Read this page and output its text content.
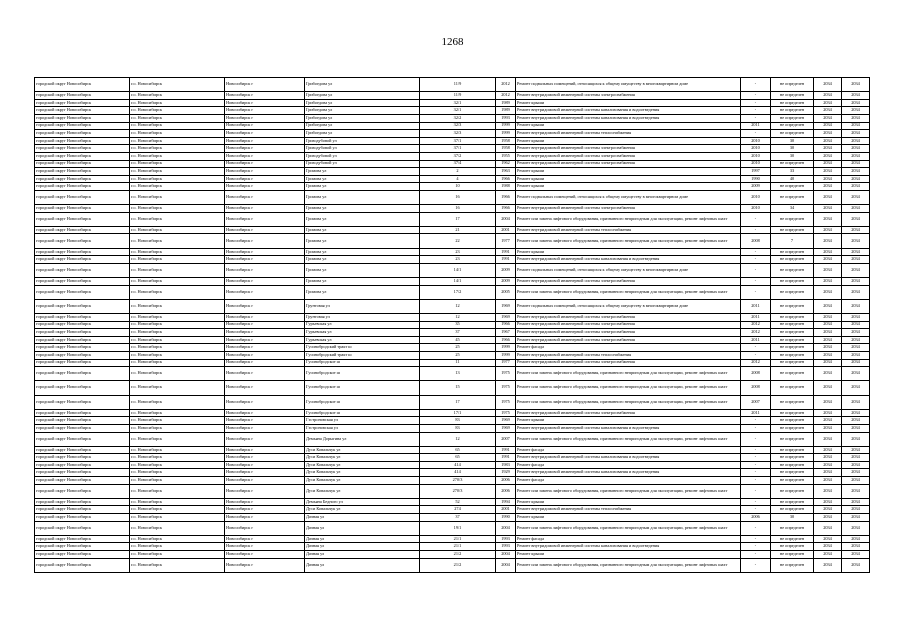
1268
городской округ Новосибирск	г.о. Новосибирск	Новосибирск г	Грибоедова ул	11/9	2012	Ремонт подвальных помещений, относящихся к общему имуществу в многоквартирном доме	-	не определен	2034	2034
городской округ Новосибирск	г.о. Новосибирск	Новосибирск г	Грибоедова ул	11/9	2012	Ремонт внутридомовой инженерной системы электроснабжения	-	не определен	2034	2034
городской округ Новосибирск	г.о. Новосибирск	Новосибирск г	Грибоедова ул	32/1	1989	Ремонт крыши	-	не определен	2034	2034
городской округ Новосибирск	г.о. Новосибирск	Новосибирск г	Грибоедова ул	32/1	1989	Ремонт внутридомовой инженерной системы канализования и водоотведения	-	не определен	2034	2034
городской округ Новосибирск	г.о. Новосибирск	Новосибирск г	Грибоедова ул	32/2	1993	Ремонт внутридомовой инженерной системы канализования и водоотведения	-	не определен	2034	2034
городской округ Новосибирск	г.о. Новосибирск	Новосибирск г	Грибоедова ул	32/3	1999	Ремонт крыши	2011	не определен	2034	2034
городской округ Новосибирск	г.о. Новосибирск	Новосибирск г	Грибоедова ул	32/3	1999	Ремонт внутридомовой инженерной системы теплоснабжения	-	не определен	2034	2034
городской округ Новосибирск	г.о. Новосибирск	Новосибирск г	Гризодубовой ул	37/1	1958	Ремонт крыши	2010	30	2034	2034
городской округ Новосибирск	г.о. Новосибирск	Новосибирск г	Гризодубовой ул	37/1	1958	Ремонт внутридомовой инженерной системы электроснабжения	2010	30	2034	2034
городской округ Новосибирск	г.о. Новосибирск	Новосибирск г	Гризодубовой ул	37/2	1955	Ремонт внутридомовой инженерной системы электроснабжения	2010	30	2034	2034
городской округ Новосибирск	г.о. Новосибирск	Новосибирск г	Гризодубовой ул	37/4	1962	Ремонт внутридомовой инженерной системы электроснабжения	2010	не определен	2034	2034
городской округ Новосибирск	г.о. Новосибирск	Новосибирск г	Громова ул	2	1963	Ремонт крыши	1997	33	2034	2034
городской округ Новосибирск	г.о. Новосибирск	Новосибирск г	Громова ул	4	1966	Ремонт крыши	1990	40	2034	2034
городской округ Новосибирск	г.о. Новосибирск	Новосибирск г	Громова ул	10	1988	Ремонт крыши	2009	не определен	2034	2034
городской округ Новосибирск	г.о. Новосибирск	Новосибирск г	Громова ул	16	1966	Ремонт подвальных помещений, относящихся к общему имуществу в многоквартирном доме	2010	не определен	2034	2034
городской округ Новосибирск	г.о. Новосибирск	Новосибирск г	Громова ул	16	1966	Ремонт внутридомовой инженерной системы электроснабжения	2010	34	2034	2034
городской округ Новосибирск	г.о. Новосибирск	Новосибирск г	Громова ул	17	2004	Ремонт или замена лифтового оборудования, признанного непригодным для эксплуатации, ремонт лифтовых шахт	-	не определен	2034	2034
городской округ Новосибирск	г.о. Новосибирск	Новосибирск г	Громова ул	21	2001	Ремонт внутридомовой инженерной системы теплоснабжения	-	не определен	2034	2034
городской округ Новосибирск	г.о. Новосибирск	Новосибирск г	Громова ул	22	1977	Ремонт или замена лифтового оборудования, признанного непригодным для эксплуатации, ремонт лифтовых шахт	2008	7	2034	2034
городской округ Новосибирск	г.о. Новосибирск	Новосибирск г	Громова ул	23	1991	Ремонт крыши	-	не определен	2034	2034
городской округ Новосибирск	г.о. Новосибирск	Новосибирск г	Громова ул	23	1991	Ремонт внутридомовой инженерной системы канализования и водоотведения	-	не определен	2034	2034
городской округ Новосибирск	г.о. Новосибирск	Новосибирск г	Громова ул	14/1	2009	Ремонт подвальных помещений, относящихся к общему имуществу в многоквартирном доме	-	не определен	2034	2034
городской округ Новосибирск	г.о. Новосибирск	Новосибирск г	Громова ул	14/1	2009	Ремонт внутридомовой инженерной системы электроснабжения	-	не определен	2034	2034
городской округ Новосибирск	г.о. Новосибирск	Новосибирск г	Громова ул	17/2	2005	Ремонт или замена лифтового оборудования, признанного непригодным для эксплуатации, ремонт лифтовых шахт	-	не определен	2034	2034
городской округ Новосибирск	г.о. Новосибирск	Новосибирск г	Грунтовая ул	12	1969	Ремонт подвальных помещений, относящихся к общему имуществу в многоквартирном доме	2011	не определен	2034	2034
городской округ Новосибирск	г.о. Новосибирск	Новосибирск г	Грунтовая ул	12	1969	Ремонт внутридомовой инженерной системы электроснабжения	2011	не определен	2034	2034
городской округ Новосибирск	г.о. Новосибирск	Новосибирск г	Гурьевская ул	35	1966	Ремонт внутридомовой инженерной системы электроснабжения	2012	не определен	2034	2034
городской округ Новосибирск	г.о. Новосибирск	Новосибирск г	Гурьевская ул	37	1967	Ремонт внутридомовой инженерной системы электроснабжения	2012	не определен	2034	2034
городской округ Новосибирск	г.о. Новосибирск	Новосибирск г	Гурьевская ул	45	1966	Ремонт внутридомовой инженерной системы электроснабжения	2011	не определен	2034	2034
городской округ Новосибирск	г.о. Новосибирск	Новосибирск г	Гусинобродский тракт ш	25	1999	Ремонт фасада	-	не определен	2034	2034
городской округ Новосибирск	г.о. Новосибирск	Новосибирск г	Гусинобродский тракт ш	25	1999	Ремонт внутридомовой инженерной системы теплоснабжения	-	не определен	2034	2034
городской округ Новосибирск	г.о. Новосибирск	Новосибирск г	Гусинобродское ш	11	1977	Ремонт внутридомовой инженерной системы электроснабжения	2012	не определен	2034	2034
городской округ Новосибирск	г.о. Новосибирск	Новосибирск г	Гусинобродское ш	13	1975	Ремонт или замена лифтового оборудования, признанного непригодным для эксплуатации, ремонт лифтовых шахт	2008	не определен	2034	2034
городской округ Новосибирск	г.о. Новосибирск	Новосибирск г	Гусинобродское ш	15	1975	Ремонт или замена лифтового оборудования, признанного непригодным для эксплуатации, ремонт лифтовых шахт	2008	не определен	2034	2034
городской округ Новосибирск	г.о. Новосибирск	Новосибирск г	Гусинобродское ш	17	1975	Ремонт или замена лифтового оборудования, признанного непригодным для эксплуатации, ремонт лифтовых шахт	2007	не определен	2034	2034
городской округ Новосибирск	г.о. Новосибирск	Новосибирск г	Гусинобродское ш	17/1	1975	Ремонт внутридомовой инженерной системы электроснабжения	2011	не определен	2034	2034
городской округ Новосибирск	г.о. Новосибирск	Новосибирск г	Гэстроновская ул	83	1969	Ремонт крыши	-	не определен	2034	2034
городской округ Новосибирск	г.о. Новосибирск	Новосибирск г	Гэстроновская ул	83	1969	Ремонт внутридомовой инженерной системы канализования и водоотведения	-	не определен	2034	2034
городской округ Новосибирск	г.о. Новосибирск	Новосибирск г	Демьяна Дорыгина ул	12	2007	Ремонт или замена лифтового оборудования, признанного непригодным для эксплуатации, ремонт лифтовых шахт	-	не определен	2034	2034
городской округ Новосибирск	г.о. Новосибирск	Новосибирск г	Дуси Ковальчук ул	65	1991	Ремонт фасада	-	не определен	2034	2034
городской округ Новосибирск	г.о. Новосибирск	Новосибирск г	Дуси Ковальчук ул	65	1991	Ремонт внутридомовой инженерной системы канализования и водоотведения	-	не определен	2034	2034
городской округ Новосибирск	г.о. Новосибирск	Новосибирск г	Дуси Ковальчук ул	414	1983	Ремонт фасада	-	не определен	2034	2034
городской округ Новосибирск	г.о. Новосибирск	Новосибирск г	Дуси Ковальчук ул	414	1929	Ремонт внутридомовой инженерной системы канализования и водоотведения	-	не определен	2034	2034
городской округ Новосибирск	г.о. Новосибирск	Новосибирск г	Дуси Ковальчук ул	270/3	2006	Ремонт фасада	-	не определен	2034	2034
городской округ Новосибирск	г.о. Новосибирск	Новосибирск г	Дуси Ковальчук ул	270/3	2006	Ремонт или замена лифтового оборудования, признанного непригодным для эксплуатации, ремонт лифтовых шахт	-	не определен	2034	2034
городской округ Новосибирск	г.о. Новосибирск	Новосибирск г	Демьяна Бедного ул	52	1994	Ремонт крыши	-	не определен	2034	2034
городской округ Новосибирск	г.о. Новосибирск	Новосибирск г	Дуси Ковальчук ул	274	2001	Ремонт внутридомовой инженерной системы теплоснабжения	-	не определен	2034	2034
городской округ Новосибирск	г.о. Новосибирск	Новосибирск г	Дачная ул	37	1990	Ремонт крыши	2006	30	2034	2034
городской округ Новосибирск	г.о. Новосибирск	Новосибирск г	Дачная ул	19/1	2004	Ремонт или замена лифтового оборудования, признанного непригодным для эксплуатации, ремонт лифтовых шахт	-	не определен	2034	2034
городской округ Новосибирск	г.о. Новосибирск	Новосибирск г	Дачная ул	21/1	1993	Ремонт фасада	-	не определен	2034	2034
городской округ Новосибирск	г.о. Новосибирск	Новосибирск г	Дачная ул	21/1	1993	Ремонт внутридомовой инженерной системы канализования и водоотведения	-	не определен	2034	2034
городской округ Новосибирск	г.о. Новосибирск	Новосибирск г	Дачная ул	21/2	2004	Ремонт крыши	-	не определен	2034	2034
городской округ Новосибирск	г.о. Новосибирск	Новосибирск г	Дачная ул	21/2	2004	Ремонт или замена лифтового оборудования, признанного непригодным для эксплуатации, ремонт лифтовых шахт	-	не определен	2034	2034
